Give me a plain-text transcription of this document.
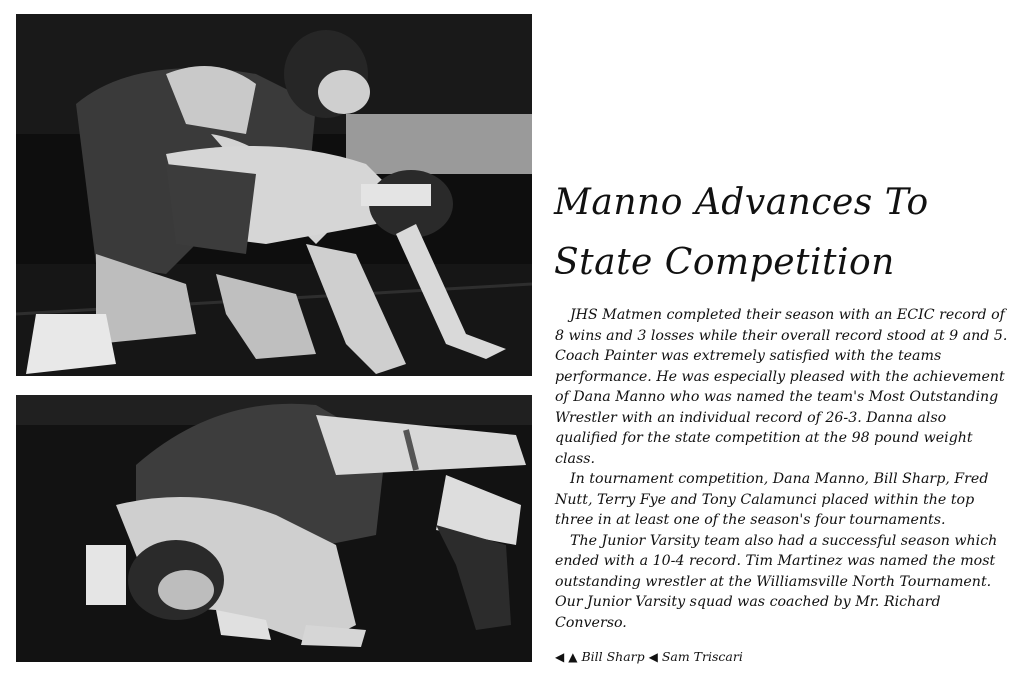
Manno Advances To
State Competition

JHS Matmen completed their season with an ECIC record of 8 wins and 3 losses while their overall record stood at 9 and 5. Coach Painter was extremely satisfied with the teams performance. He was especially pleased with the achievement of Dana Manno who was named the team's Most Outstanding Wrestler with an individual record of 26-3. Danna also qualified for the state competition at the 98 pound weight class.

In tournament competition, Dana Manno, Bill Sharp, Fred Nutt, Terry Fye and Tony Calamunci placed within the top three in at least one of the season's four tournaments.

The Junior Varsity team also had a successful season which ended with a 10-4 record. Tim Martinez was named the most outstanding wrestler at the Williamsville North Tournament. Our Junior Varsity squad was coached by Mr. Richard Converso.

◀ ▲ Bill Sharp ◀ Sam Triscari
